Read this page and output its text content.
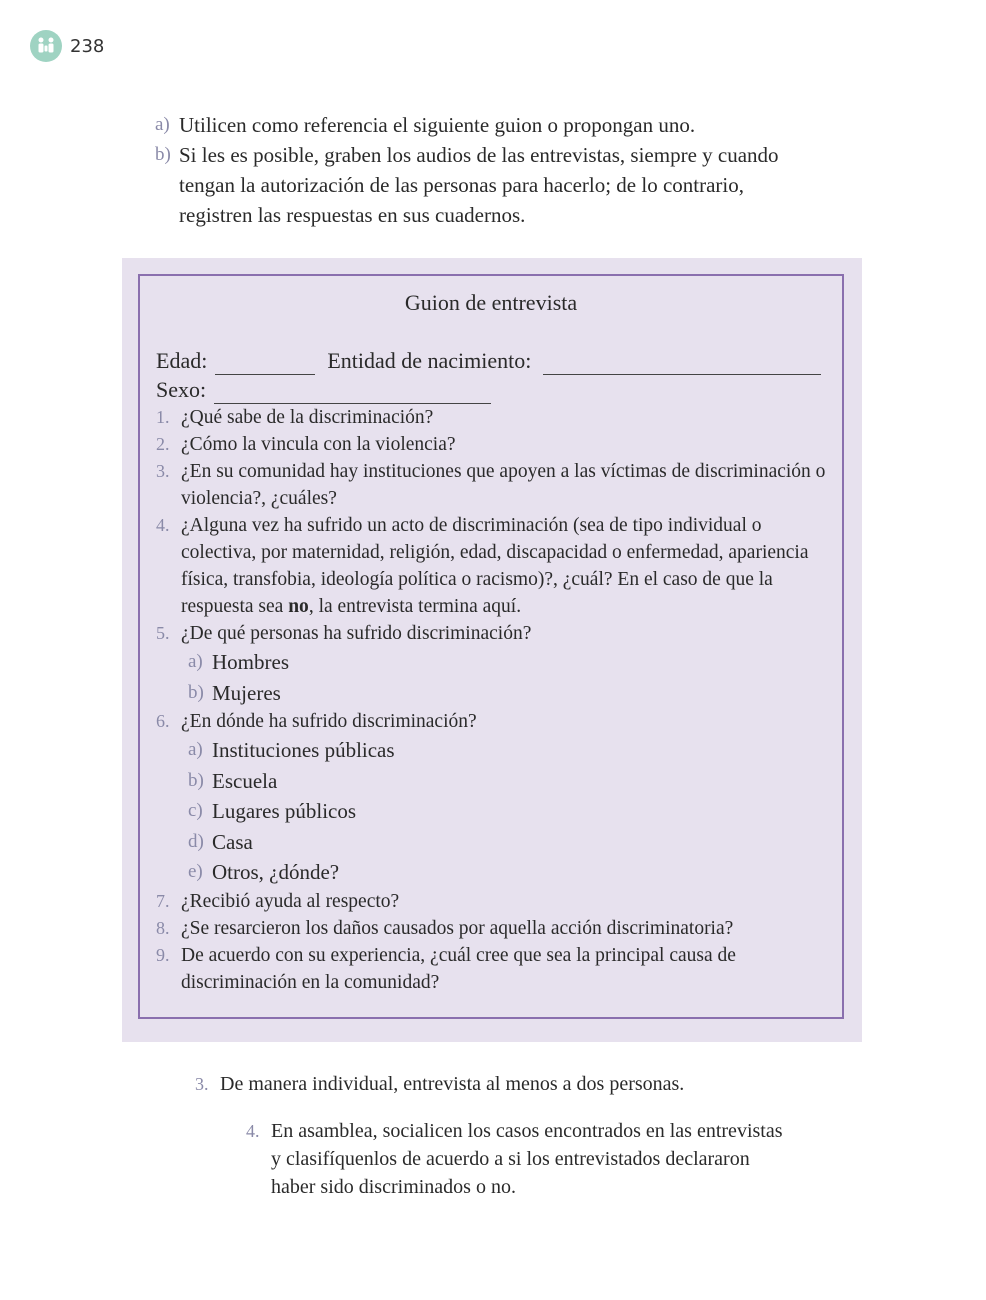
238
a) Utilicen como referencia el siguiente guion o propongan uno.
b) Si les es posible, graben los audios de las entrevistas, siempre y cuando tengan la autorización de las personas para hacerlo; de lo contrario, registren las respuestas en sus cuadernos.
Guion de entrevista
Edad:	Entidad de nacimiento:
Sexo:
1. ¿Qué sabe de la discriminación?
2. ¿Cómo la vincula con la violencia?
3. ¿En su comunidad hay instituciones que apoyen a las víctimas de discriminación o violencia?, ¿cuáles?
4. ¿Alguna vez ha sufrido un acto de discriminación (sea de tipo individual o colectiva, por maternidad, religión, edad, discapacidad o enfermedad, apariencia física, transfobia, ideología política o racismo)?, ¿cuál? En el caso de que la respuesta sea no, la entrevista termina aquí.
5. ¿De qué personas ha sufrido discriminación?
a) Hombres
b) Mujeres
6. ¿En dónde ha sufrido discriminación?
a) Instituciones públicas
b) Escuela
c) Lugares públicos
d) Casa
e) Otros, ¿dónde?
7. ¿Recibió ayuda al respecto?
8. ¿Se resarcieron los daños causados por aquella acción discriminatoria?
9. De acuerdo con su experiencia, ¿cuál cree que sea la principal causa de discriminación en la comunidad?
3. De manera individual, entrevista al menos a dos personas.
4. En asamblea, socialicen los casos encontrados en las entrevistas y clasifíquenlos de acuerdo a si los entrevistados declararon haber sido discriminados o no.
